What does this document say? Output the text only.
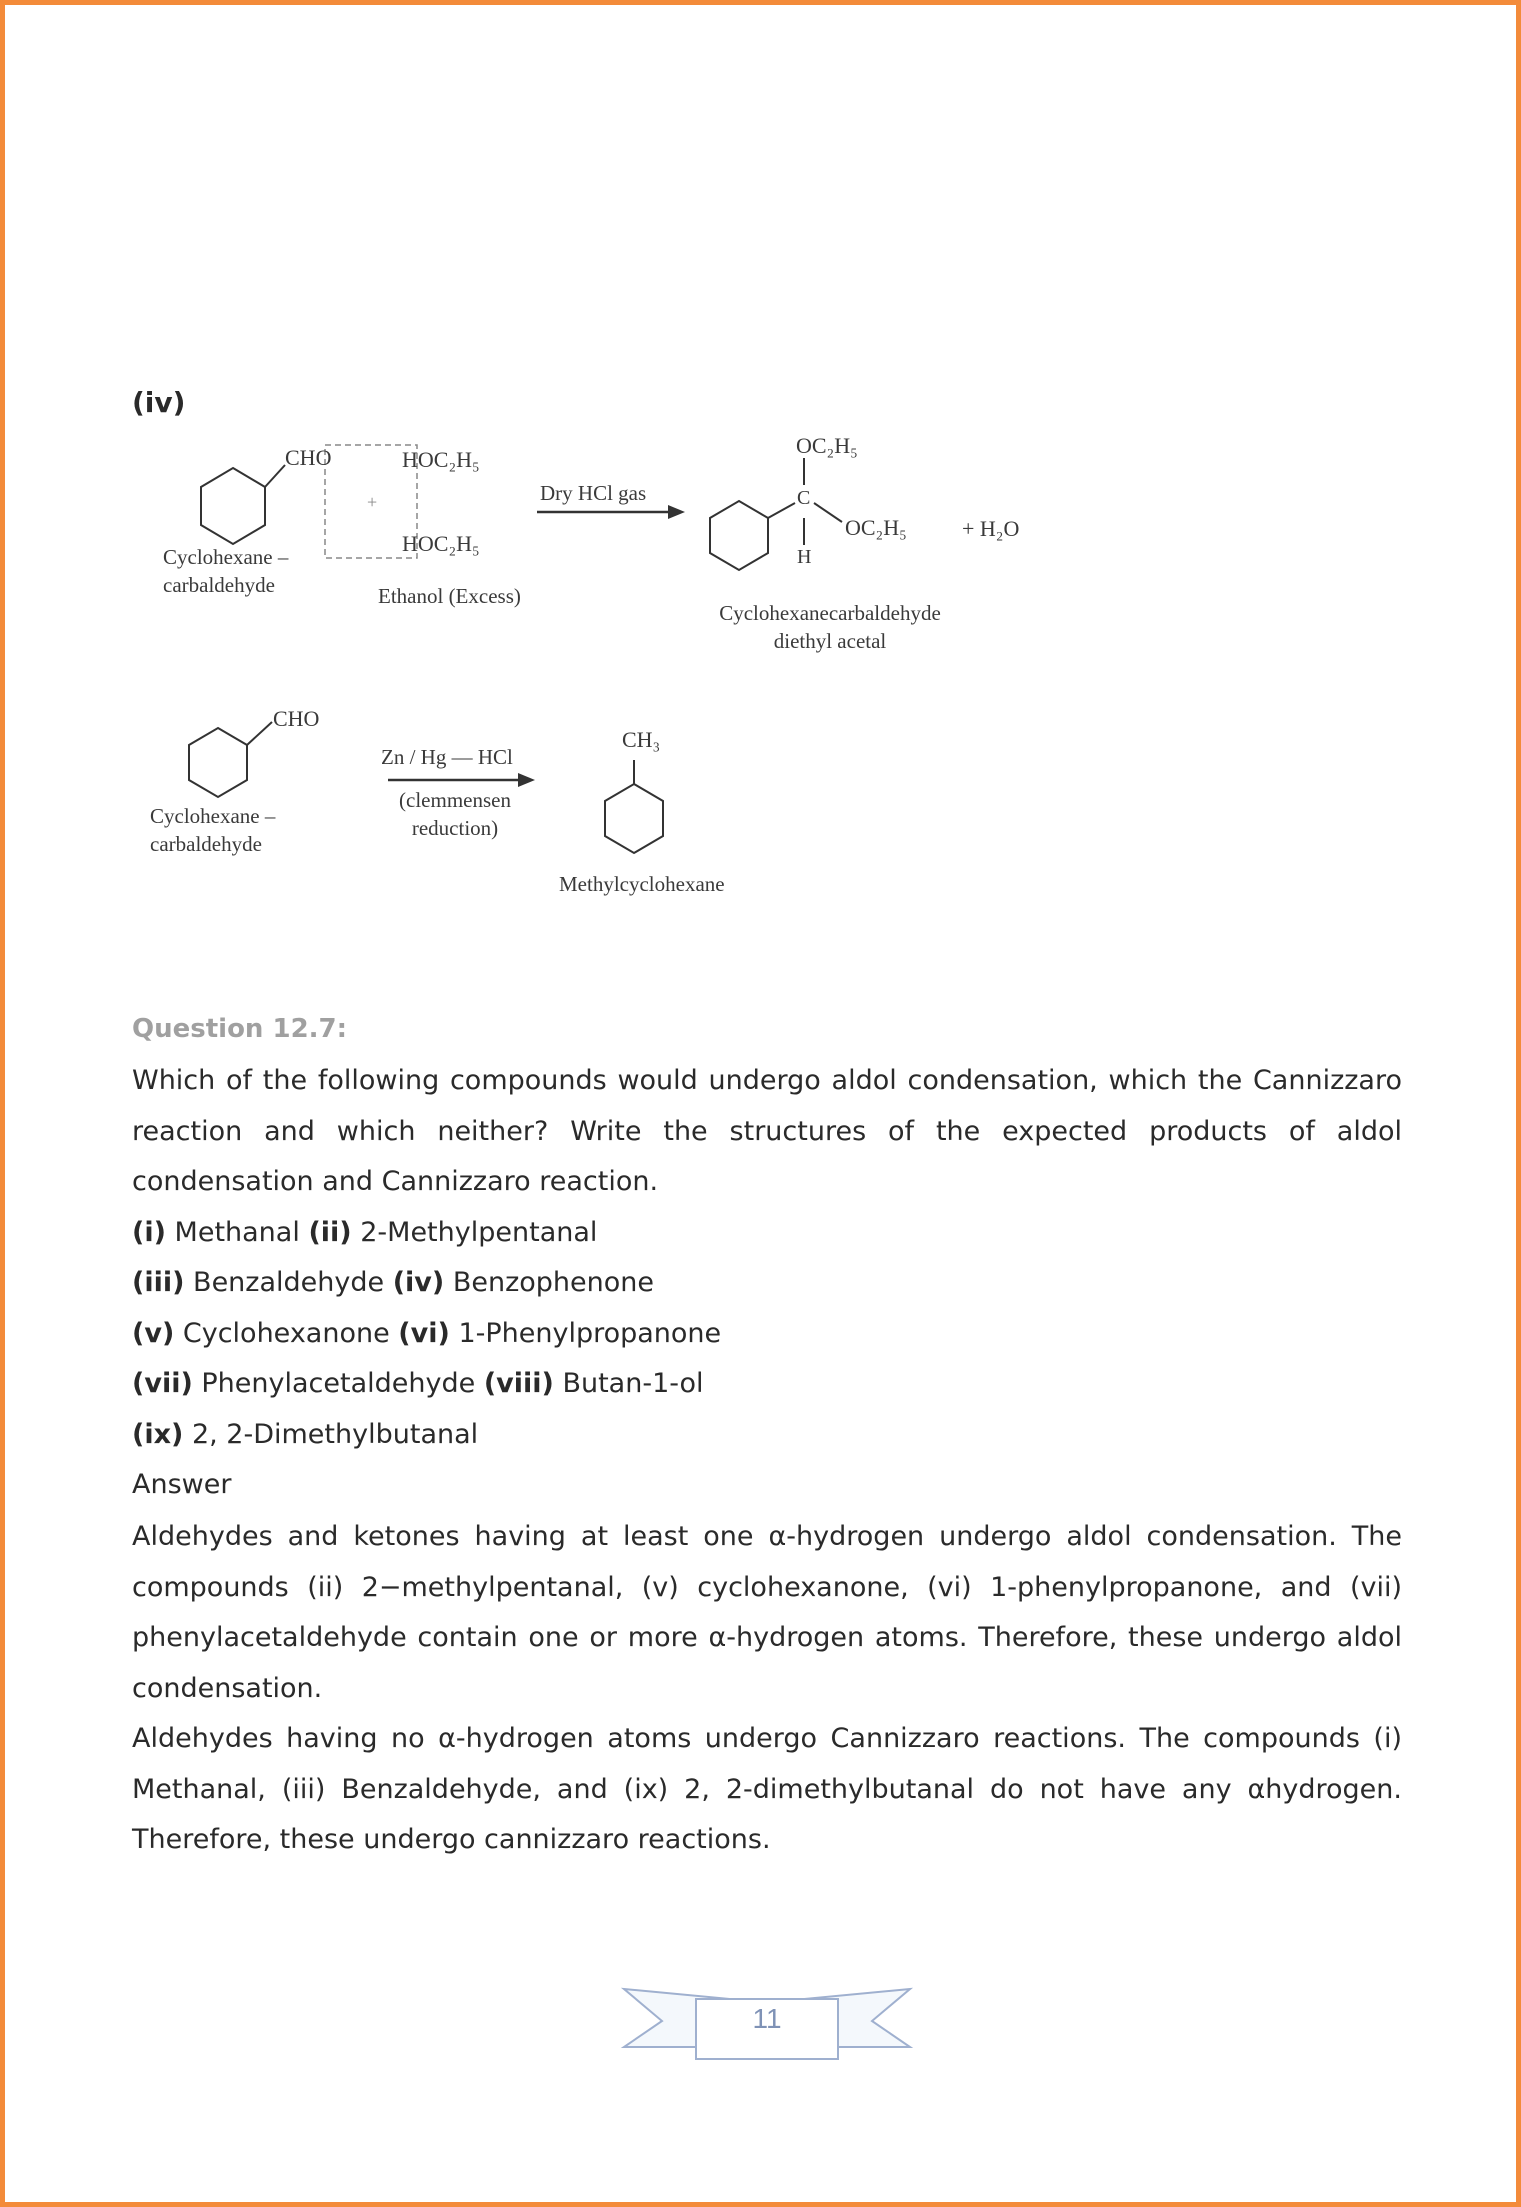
(iv)
CHO	HOC₂H₅
+
HOC₂H₅
Cyclohexane –
carbaldehyde	Ethanol (Excess)
Dry HCl gas
OC₂H₅
C
OC₂H₅
H
+ H₂O
Cyclohexanecarbaldehyde
diethyl acetal
CHO
Cyclohexane –
carbaldehyde
Zn / Hg — HCl
(clemmensen
reduction)
CH₃
Methylcyclohexane
Question 12.7:

Which of the following compounds would undergo aldol condensation, which the Cannizzaro reaction and which neither? Write the structures of the expected products of aldol condensation and Cannizzaro reaction.

(i) Methanal (ii) 2-Methylpentanal
(iii) Benzaldehyde (iv) Benzophenone
(v) Cyclohexanone (vi) 1-Phenylpropanone
(vii) Phenylacetaldehyde (viii) Butan-1-ol
(ix) 2, 2-Dimethylbutanal
Answer

Aldehydes and ketones having at least one α-hydrogen undergo aldol condensation. The compounds (ii) 2−methylpentanal, (v) cyclohexanone, (vi) 1-phenylpropanone, and (vii) phenylacetaldehyde contain one or more α-hydrogen atoms. Therefore, these undergo aldol condensation.

Aldehydes having no α-hydrogen atoms undergo Cannizzaro reactions. The compounds (i) Methanal, (iii) Benzaldehyde, and (ix) 2, 2-dimethylbutanal do not have any αhydrogen. Therefore, these undergo cannizzaro reactions.

11
